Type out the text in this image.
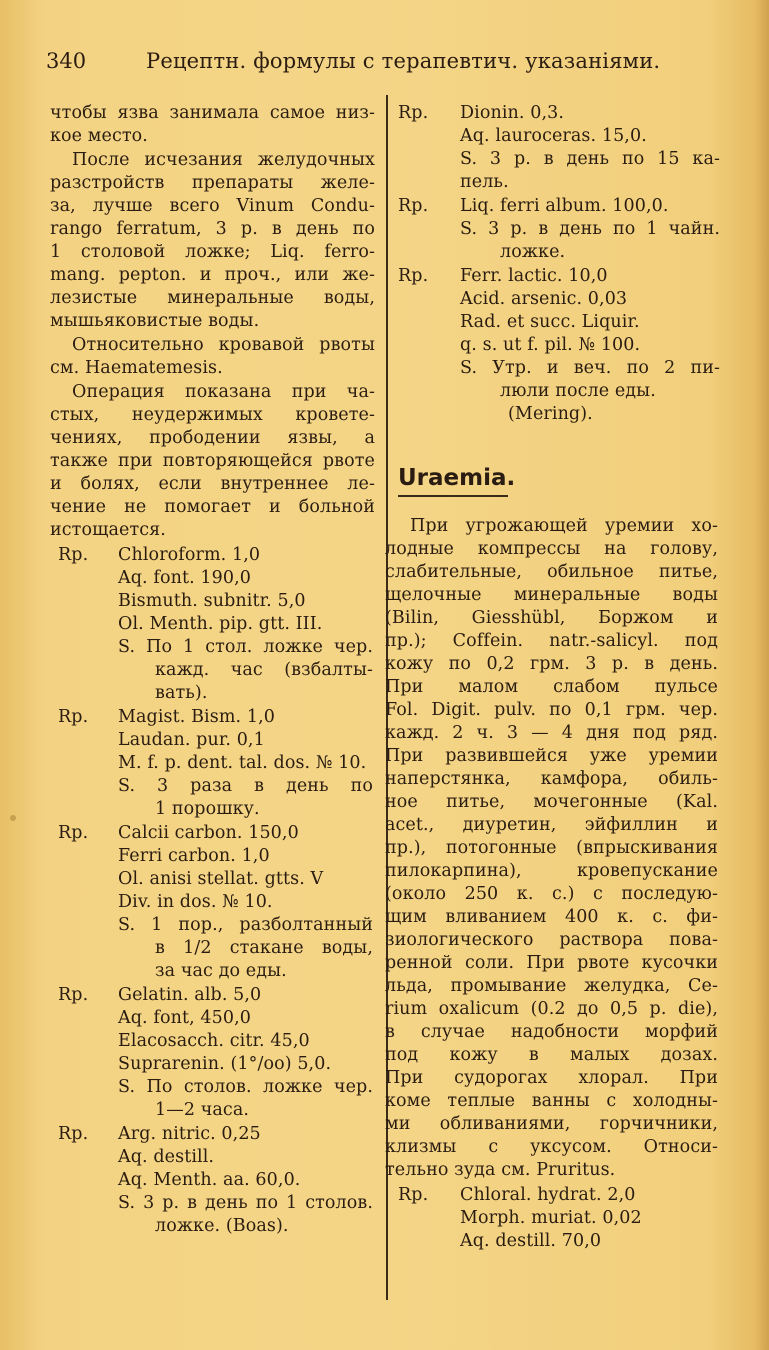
340	Рецептн. формулы с терапевтич. указаніями.
Uraemia.
чтобы язва занимала самое низ-
кое место.
После исчезания желудочных
разстройств препараты желе-
за, лучше всего Vinum Condu-
rango ferratum, 3 р. в день по
1 столовой ложке; Liq. ferro-
mang. pepton. и проч., или же-
лезистые минеральные воды,
мышьяковистые воды.
Относительно кровавой рвоты
см. Haematemesis.
Операция показана при ча-
стых, неудержимых кровете-
чениях, прободении язвы, а
также при повторяющейся рвоте
и болях, если внутреннее ле-
чение не помогает и больной
истощается.
Rp. Chloroform. 1,0
Aq. font. 190,0
Bismuth. subnitr. 5,0
Ol. Menth. pip. gtt. III.
S. По 1 стол. ложке чер.
кажд. час (взбалты-
вать).
Rp. Magist. Bism. 1,0
Laudan. pur. 0,1
M. f. p. dent. tal. dos. № 10.
S. 3 раза в день по
1 порошку.
Rp. Calcii carbon. 150,0
Ferri carbon. 1,0
Ol. anisi stellat. gtts. V
Div. in dos. № 10.
S. 1 пор., разболтанный
в 1/2 стакане воды,
за час до еды.
Rp. Gelatin. alb. 5,0
Aq. font, 450,0
Elacosacch. citr. 45,0
Suprarenin. (1°/oo) 5,0.
S. По столов. ложке чер.
1—2 часа.
Rp. Arg. nitric. 0,25
Aq. destill.
Aq. Menth. aa. 60,0.
S. 3 р. в день по 1 столов.
ложке. (Boas).
Rp. Dionin. 0,3.
Aq. lauroceras. 15,0.
S. 3 р. в день по 15 ка-
пель.
Rp. Liq. ferri album. 100,0.
S. 3 р. в день по 1 чайн.
ложке.
Rp. Ferr. lactic. 10,0
Acid. arsenic. 0,03
Rad. et succ. Liquir.
q. s. ut f. pil. № 100.
S. Утр. и веч. по 2 пи-
люли после еды.
(Mering).
При угрожающей уремии хо-
лодные компрессы на голову,
слабительные, обильное питье,
щелочные минеральные воды
(Bilin, Giesshübl, Боржом и
пр.); Coffein. natr.-salicyl. под
кожу по 0,2 грм. 3 р. в день.
При малом слабом пульсе
Fol. Digit. pulv. по 0,1 грм. чер.
кажд. 2 ч. 3 — 4 дня под ряд.
При развившейся уже уремии
наперстянка, камфора, обиль-
ное питье, мочегонные (Kal.
acet., диуретин, эйфиллин и
пр.), потогонные (впрыскивания
пилокарпина), кровепускание
(около 250 к. с.) с последую-
щим вливанием 400 к. с. фи-
зиологического раствора пова-
ренной соли. При рвоте кусочки
льда, промывание желудка, Ce-
rium oxalicum (0.2 до 0,5 р. die),
в случае надобности морфий
под кожу в малых дозах.
При судорогах хлорал. При
коме теплые ванны с холодны-
ми обливаниями, горчичники,
клизмы с уксусом. Относи-
тельно зуда см. Pruritus.
Rp. Chloral. hydrat. 2,0
Morph. muriat. 0,02
Aq. destill. 70,0
